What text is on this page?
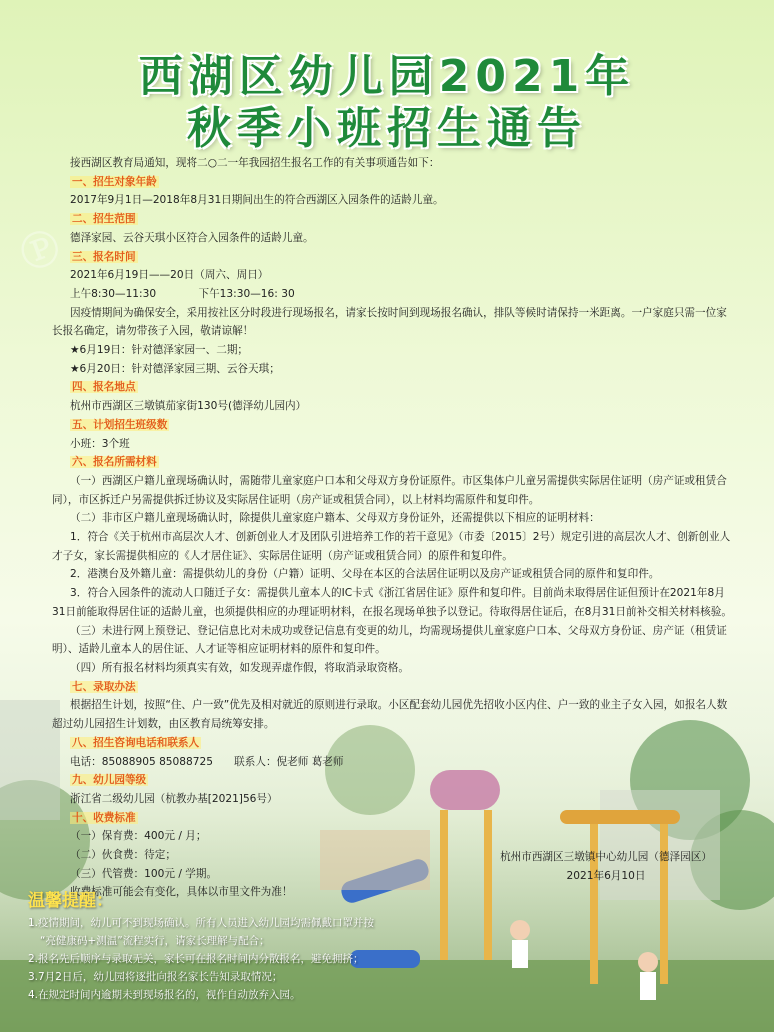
Ⓟ
西湖区幼儿园2021年
秋季小班招生通告
接西湖区教育局通知，现将二○二一年我园招生报名工作的有关事项通告如下：
一、招生对象年龄
2017年9月1日—2018年8月31日期间出生的符合西湖区入园条件的适龄儿童。
二、招生范围
德泽家园、云谷天琪小区符合入园条件的适龄儿童。
三、报名时间
2021年6月19日——20日（周六、周日）
上午8:30—11:30　　　　下午13:30—16: 30
因疫情期间为确保安全，采用按社区分时段进行现场报名，请家长按时间到现场报名确认，排队等候时请保持一米距离。一户家庭只需一位家长报名确定，请勿带孩子入园，敬请谅解！
★6月19日：针对德泽家园一、二期；
★6月20日：针对德泽家园三期、云谷天琪；
四、报名地点
杭州市西湖区三墩镇茄家街130号(德泽幼儿园内）
五、计划招生班级数
小班：3个班
六、报名所需材料
（一）西湖区户籍儿童现场确认时，需随带儿童家庭户口本和父母双方身份证原件。市区集体户儿童另需提供实际居住证明（房产证或租赁合同），市区拆迁户另需提供拆迁协议及实际居住证明（房产证或租赁合同），以上材料均需原件和复印件。
（二）非市区户籍儿童现场确认时，除提供儿童家庭户籍本、父母双方身份证外，还需提供以下相应的证明材料：
1．符合《关于杭州市高层次人才、创新创业人才及团队引进培养工作的若干意见》（市委〔2015〕2号）规定引进的高层次人才、创新创业人才子女，家长需提供相应的《人才居住证》、实际居住证明（房产证或租赁合同）的原件和复印件。
2．港澳台及外籍儿童：需提供幼儿的身份（户籍）证明、父母在本区的合法居住证明以及房产证或租赁合同的原件和复印件。
3．符合入园条件的流动人口随迁子女：需提供儿童本人的IC卡式《浙江省居住证》原件和复印件。目前尚未取得居住证但预计在2021年8月31日前能取得居住证的适龄儿童，也须提供相应的办理证明材料，在报名现场单独予以登记。待取得居住证后，在8月31日前补交相关材料核验。
（三）未进行网上预登记、登记信息比对未成功或登记信息有变更的幼儿，均需现场提供儿童家庭户口本、父母双方身份证、房产证（租赁证明）、适龄儿童本人的居住证、人才证等相应证明材料的原件和复印件。
（四）所有报名材料均须真实有效，如发现弄虚作假，将取消录取资格。
七、录取办法
根据招生计划，按照“住、户一致”优先及相对就近的原则进行录取。小区配套幼儿园优先招收小区内住、户一致的业主子女入园，如报名人数超过幼儿园招生计划数，由区教育局统筹安排。
八、招生咨询电话和联系人
电话：85088905 85088725　　联系人：倪老师 葛老师
九、幼儿园等级
浙江省二级幼儿园（杭教办基[2021]56号）
十、收费标准
（一）保育费：400元 / 月；
（二）伙食费：待定；
（三）代管费：100元 / 学期。
收费标准可能会有变化，具体以市里文件为准！
杭州市西湖区三墩镇中心幼儿园（德泽园区）
2021年6月10日
温馨提醒：
1.疫情期间，幼儿可不到现场确认。所有人员进入幼儿园均需佩戴口罩并按
“亮健康码+测温”流程实行，请家长理解与配合；
2.报名先后顺序与录取无关，家长可在报名时间内分散报名，避免拥挤；
3.7月2日后，幼儿园将逐批向报名家长告知录取情况；
4.在规定时间内逾期未到现场报名的，视作自动放弃入园。
